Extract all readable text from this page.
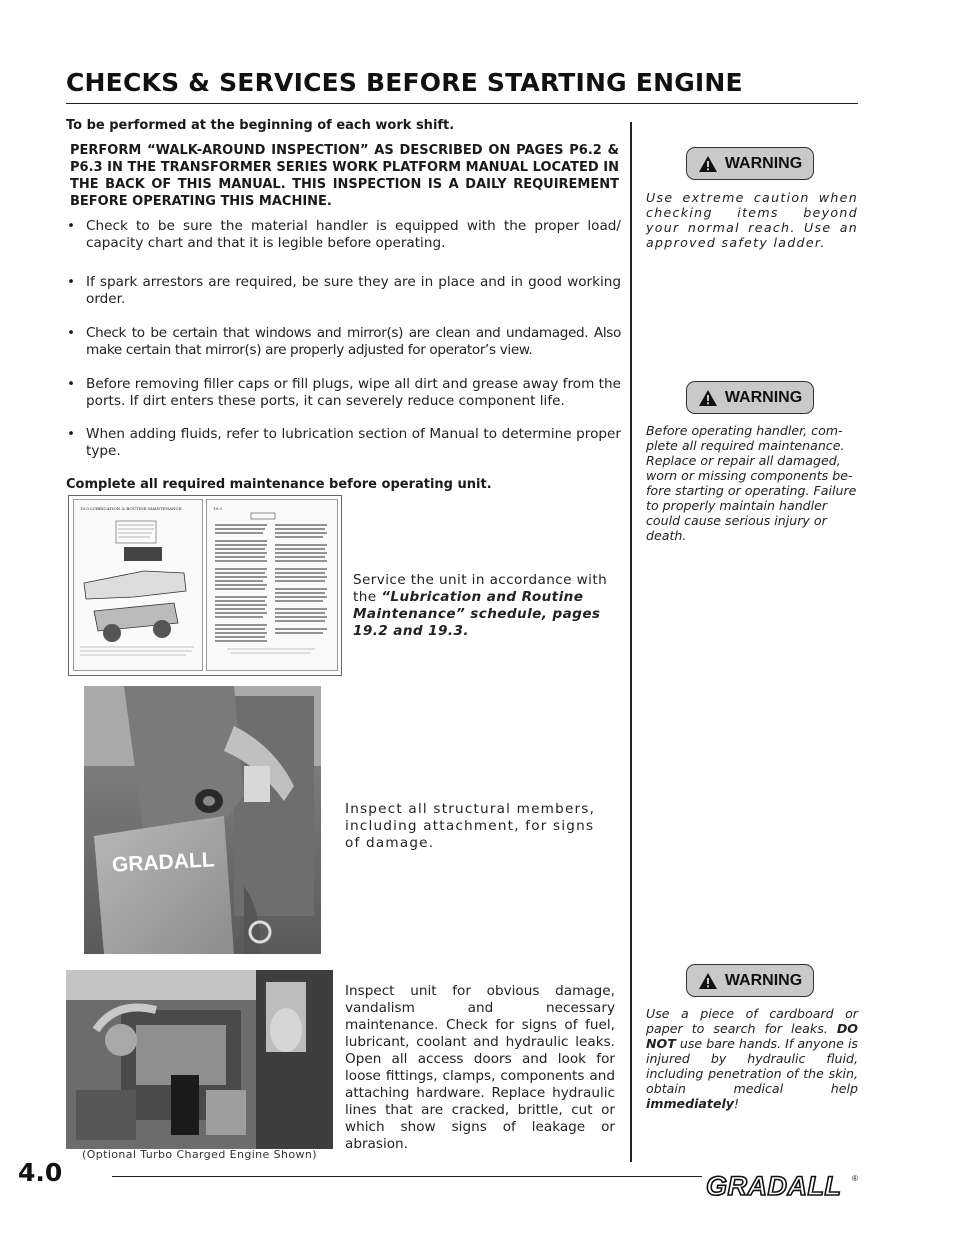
CHECKS & SERVICES BEFORE STARTING ENGINE
To be performed at the beginning of each work shift.
PERFORM “WALK-AROUND INSPECTION” AS DESCRIBED ON PAGES P6.2 & P6.3 IN THE TRANSFORMER SERIES WORK PLATFORM MANUAL LOCATED IN THE BACK OF THIS MANUAL. THIS INSPECTION IS A DAILY REQUIREMENT BEFORE OPERATING THIS MACHINE.
• Check to be sure the material handler is equipped with the proper load/ capacity chart and that it is legible before operating.
• If spark arrestors are required, be sure they are in place and in good working order.
• Check to be certain that windows and mirror(s) are clean and undamaged. Also make certain that mirror(s) are properly adjusted for operator’s view.
• Before removing filler caps or fill plugs, wipe all dirt and grease away from the ports. If dirt enters these ports, it can severely reduce component life.
• When adding fluids, refer to lubrication section of Manual to determine proper type.
Complete all required maintenance before operating unit.
19.0 LUBRICATION & ROUTINE MAINTENANCE	19.3
Service the unit in accordance with the “Lubrication and Routine Maintenance” schedule, pages 19.2 and 19.3.
GRADALL
Inspect all structural members, including attachment, for signs of damage.
Inspect unit for obvious damage, vandalism and necessary maintenance. Check for signs of fuel, lubricant, coolant and hydraulic leaks. Open all access doors and look for loose fittings, clamps, components and attaching hardware. Replace hydraulic lines that are cracked, brittle, cut or which show signs of leakage or abrasion.
(Optional Turbo Charged Engine Shown)
WARNING
Use extreme caution when checking items beyond your normal reach. Use an approved safety ladder.
WARNING
Before operating handler, com-plete all required maintenance. Replace or repair all damaged, worn or missing components be-fore starting or operating. Failure to properly maintain handler could cause serious injury or death.
WARNING
Use a piece of cardboard or paper to search for leaks. DO NOT use bare hands. If anyone is injured by hydraulic fluid, including penetration of the skin, obtain medical help immediately!
4.0	GRADALL ®
